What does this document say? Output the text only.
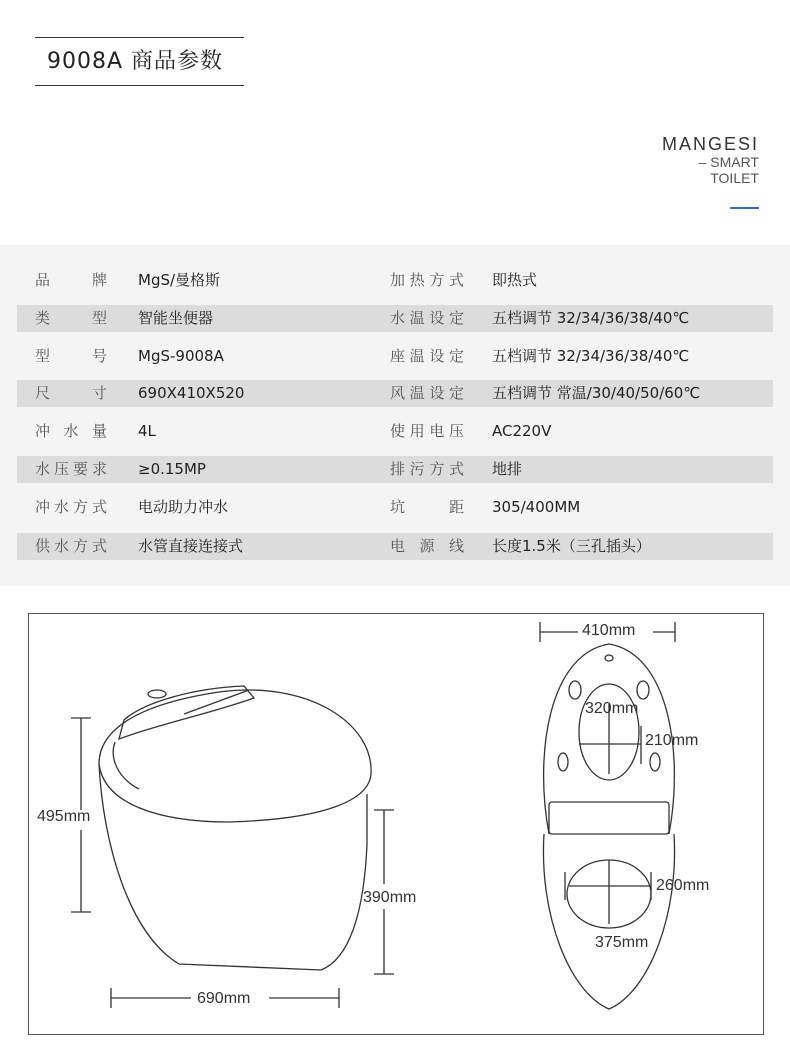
9008A 商品参数
MANGESI
– SMART
TOILET
品牌 MgS/曼格斯	加热方式 即热式
类型 智能坐便器	水温设定 五档调节 32/34/36/38/40℃
型号 MgS-9008A	座温设定 五档调节 32/34/36/38/40℃
尺寸 690X410X520	风温设定 五档调节 常温/30/40/50/60℃
冲水量 4L	使用电压 AC220V
水压要求 ≥0.15MP	排污方式 地排
冲水方式 电动助力冲水	坑距 305/400MM
供水方式 水管直接连接式	电源线 长度1.5米（三孔插头）
495mm
390mm
690mm
410mm
320mm
210mm
260mm
375mm
